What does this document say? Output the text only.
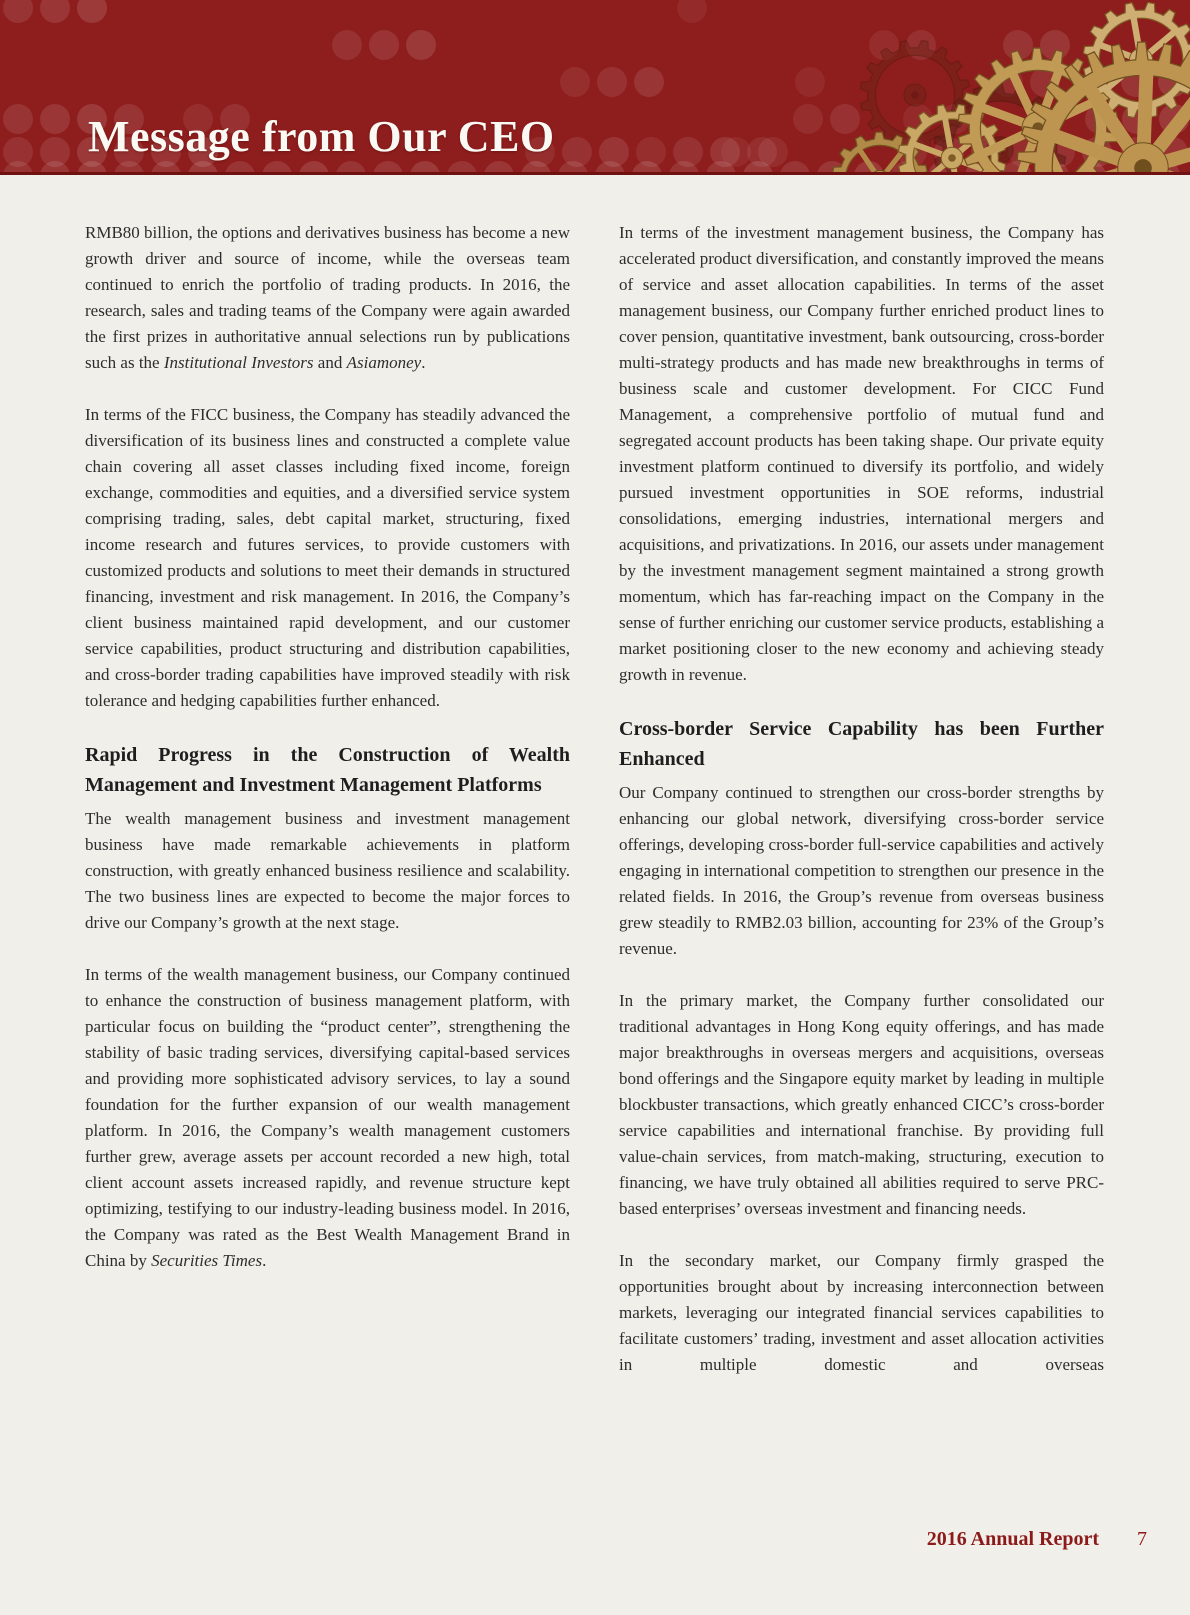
Message from Our CEO

RMB80 billion, the options and derivatives business has become a new growth driver and source of income, while the overseas team continued to enrich the portfolio of trading products. In 2016, the research, sales and trading teams of the Company were again awarded the first prizes in authoritative annual selections run by publications such as the Institutional Investors and Asiamoney.

In terms of the FICC business, the Company has steadily advanced the diversification of its business lines and constructed a complete value chain covering all asset classes including fixed income, foreign exchange, commodities and equities, and a diversified service system comprising trading, sales, debt capital market, structuring, fixed income research and futures services, to provide customers with customized products and solutions to meet their demands in structured financing, investment and risk management. In 2016, the Company’s client business maintained rapid development, and our customer service capabilities, product structuring and distribution capabilities, and cross-border trading capabilities have improved steadily with risk tolerance and hedging capabilities further enhanced.

Rapid Progress in the Construction of Wealth Management and Investment Management Platforms

The wealth management business and investment management business have made remarkable achievements in platform construction, with greatly enhanced business resilience and scalability. The two business lines are expected to become the major forces to drive our Company’s growth at the next stage.

In terms of the wealth management business, our Company continued to enhance the construction of business management platform, with particular focus on building the “product center”, strengthening the stability of basic trading services, diversifying capital-based services and providing more sophisticated advisory services, to lay a sound foundation for the further expansion of our wealth management platform. In 2016, the Company’s wealth management customers further grew, average assets per account recorded a new high, total client account assets increased rapidly, and revenue structure kept optimizing, testifying to our industry-leading business model. In 2016, the Company was rated as the Best Wealth Management Brand in China by Securities Times.

In terms of the investment management business, the Company has accelerated product diversification, and constantly improved the means of service and asset allocation capabilities. In terms of the asset management business, our Company further enriched product lines to cover pension, quantitative investment, bank outsourcing, cross-border multi-strategy products and has made new breakthroughs in terms of business scale and customer development. For CICC Fund Management, a comprehensive portfolio of mutual fund and segregated account products has been taking shape. Our private equity investment platform continued to diversify its portfolio, and widely pursued investment opportunities in SOE reforms, industrial consolidations, emerging industries, international mergers and acquisitions, and privatizations. In 2016, our assets under management by the investment management segment maintained a strong growth momentum, which has far-reaching impact on the Company in the sense of further enriching our customer service products, establishing a market positioning closer to the new economy and achieving steady growth in revenue.

Cross-border Service Capability has been Further Enhanced

Our Company continued to strengthen our cross-border strengths by enhancing our global network, diversifying cross-border service offerings, developing cross-border full-service capabilities and actively engaging in international competition to strengthen our presence in the related fields. In 2016, the Group’s revenue from overseas business grew steadily to RMB2.03 billion, accounting for 23% of the Group’s revenue.

In the primary market, the Company further consolidated our traditional advantages in Hong Kong equity offerings, and has made major breakthroughs in overseas mergers and acquisitions, overseas bond offerings and the Singapore equity market by leading in multiple blockbuster transactions, which greatly enhanced CICC’s cross-border service capabilities and international franchise. By providing full value-chain services, from match-making, structuring, execution to financing, we have truly obtained all abilities required to serve PRC-based enterprises’ overseas investment and financing needs.

In the secondary market, our Company firmly grasped the opportunities brought about by increasing interconnection between markets, leveraging our integrated financial services capabilities to facilitate customers’ trading, investment and asset allocation activities in multiple domestic and overseas

2016 Annual Report 7
